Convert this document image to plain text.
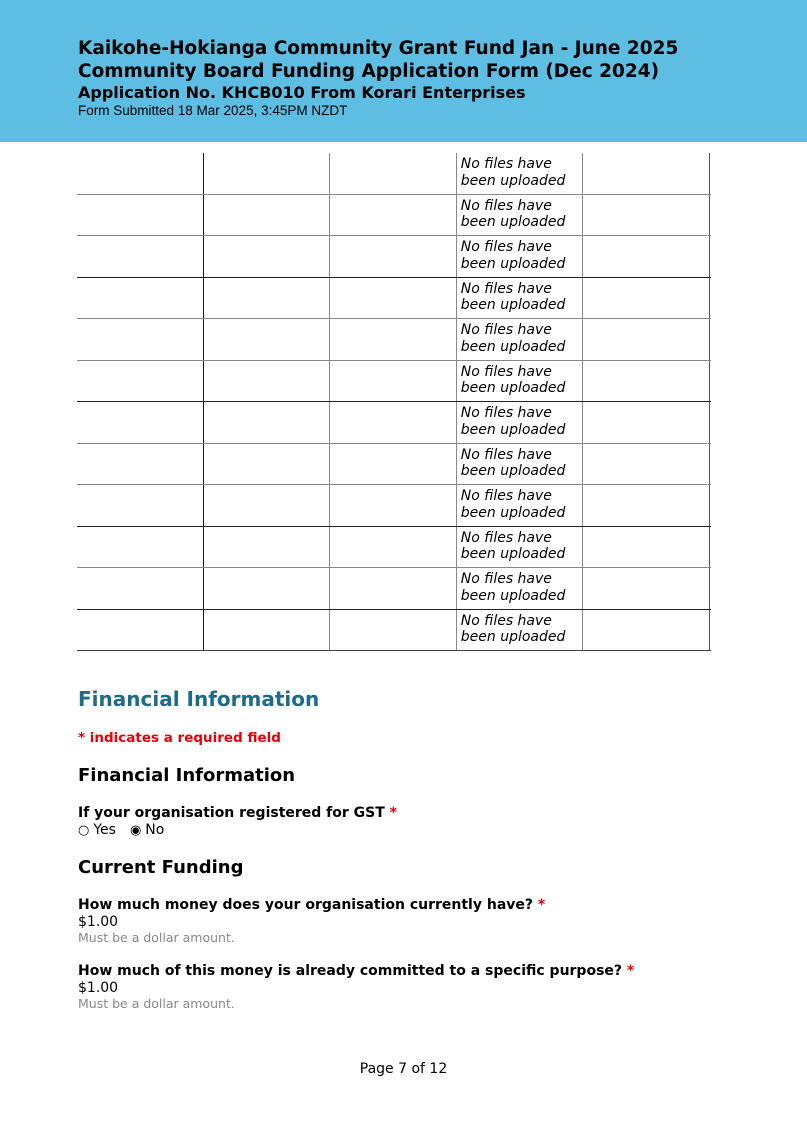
Kaikohe-Hokianga Community Grant Fund Jan - June 2025
Community Board Funding Application Form (Dec 2024)
Application No. KHCB010 From Korari Enterprises
Form Submitted 18 Mar 2025, 3:45PM NZDT
No files have been uploaded
No files have been uploaded
No files have been uploaded
No files have been uploaded
No files have been uploaded
No files have been uploaded
No files have been uploaded
No files have been uploaded
No files have been uploaded
No files have been uploaded
No files have been uploaded
No files have been uploaded
Financial Information
* indicates a required field
Financial Information
If your organisation registered for GST *
○ Yes ◉ No
Current Funding
How much money does your organisation currently have? *
$1.00
Must be a dollar amount.
How much of this money is already committed to a specific purpose? *
$1.00
Must be a dollar amount.
Page 7 of 12
